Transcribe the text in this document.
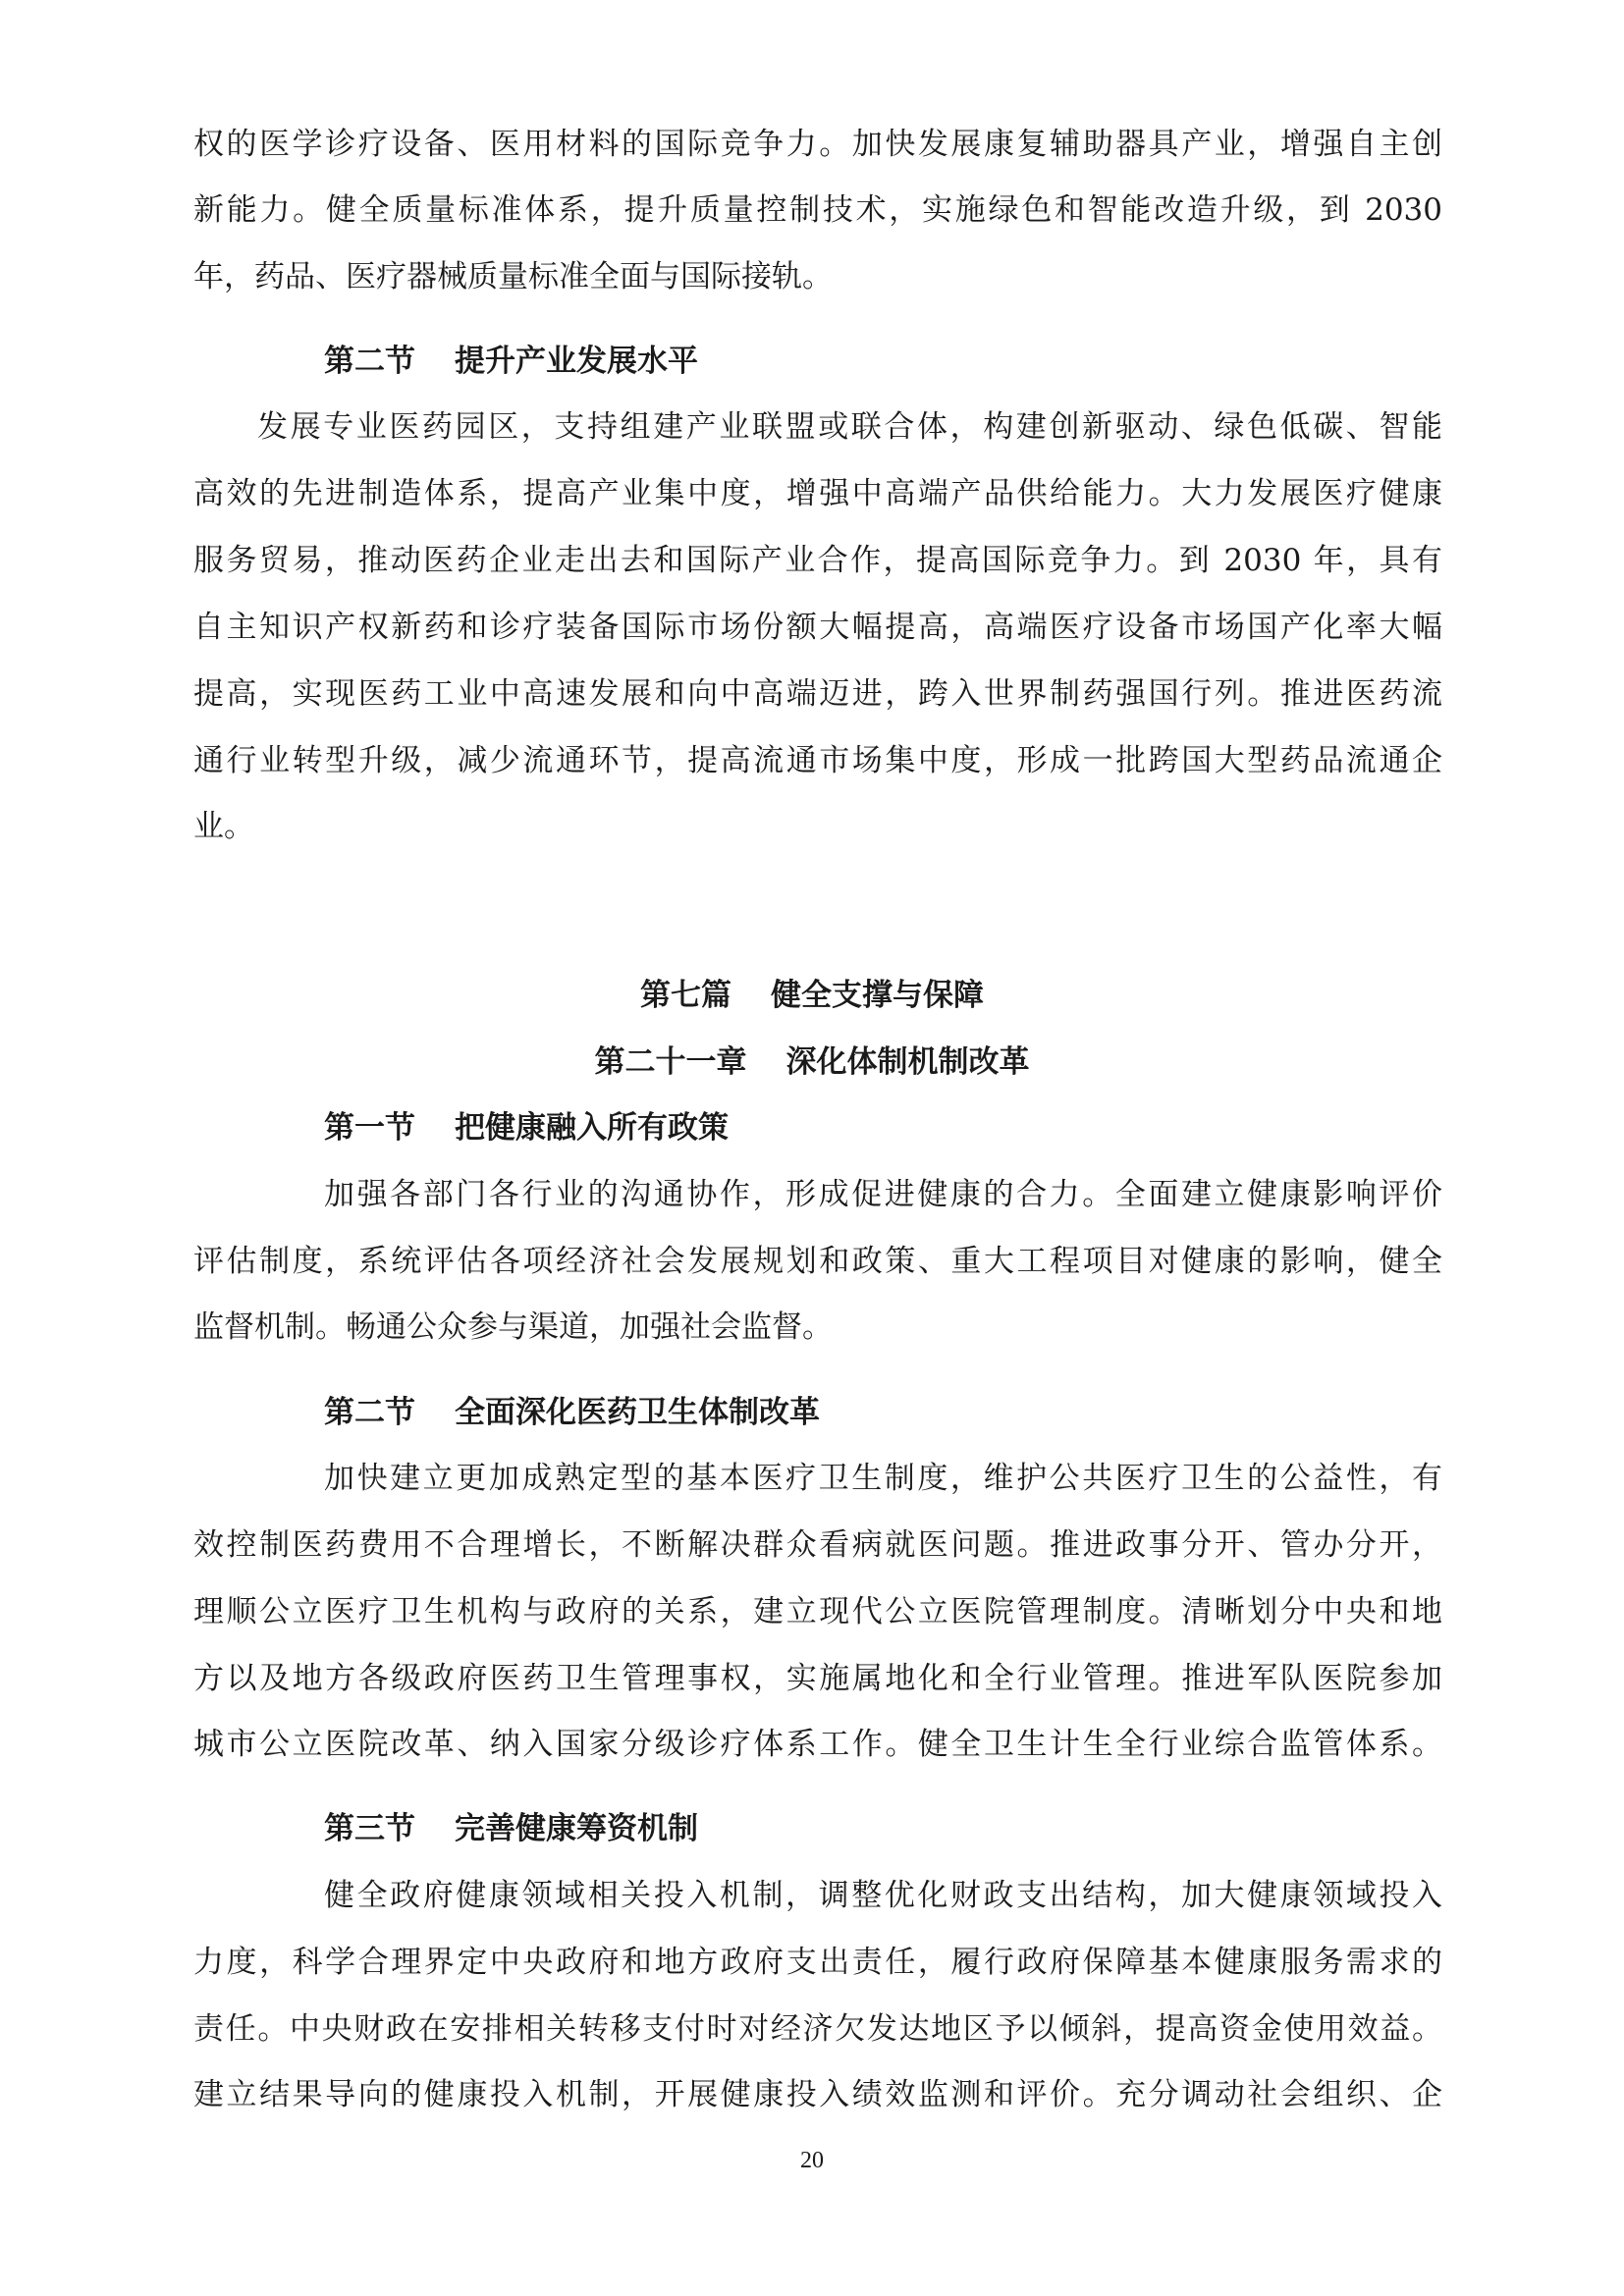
权的医学诊疗设备、医用材料的国际竞争力。加快发展康复辅助器具产业，增强自主创
新能力。健全质量标准体系，提升质量控制技术，实施绿色和智能改造升级，到 2030
年，药品、医疗器械质量标准全面与国际接轨。
第二节 提升产业发展水平
发展专业医药园区，支持组建产业联盟或联合体，构建创新驱动、绿色低碳、智能
高效的先进制造体系，提高产业集中度，增强中高端产品供给能力。大力发展医疗健康
服务贸易，推动医药企业走出去和国际产业合作，提高国际竞争力。到 2030 年，具有
自主知识产权新药和诊疗装备国际市场份额大幅提高，高端医疗设备市场国产化率大幅
提高，实现医药工业中高速发展和向中高端迈进，跨入世界制药强国行列。推进医药流
通行业转型升级，减少流通环节，提高流通市场集中度，形成一批跨国大型药品流通企
业。
第七篇 健全支撑与保障
第二十一章 深化体制机制改革
第一节 把健康融入所有政策
加强各部门各行业的沟通协作，形成促进健康的合力。全面建立健康影响评价
评估制度，系统评估各项经济社会发展规划和政策、重大工程项目对健康的影响，健全
监督机制。畅通公众参与渠道，加强社会监督。
第二节 全面深化医药卫生体制改革
加快建立更加成熟定型的基本医疗卫生制度，维护公共医疗卫生的公益性，有
效控制医药费用不合理增长，不断解决群众看病就医问题。推进政事分开、管办分开，
理顺公立医疗卫生机构与政府的关系，建立现代公立医院管理制度。清晰划分中央和地
方以及地方各级政府医药卫生管理事权，实施属地化和全行业管理。推进军队医院参加
城市公立医院改革、纳入国家分级诊疗体系工作。健全卫生计生全行业综合监管体系。
第三节 完善健康筹资机制
健全政府健康领域相关投入机制，调整优化财政支出结构，加大健康领域投入
力度，科学合理界定中央政府和地方政府支出责任，履行政府保障基本健康服务需求的
责任。中央财政在安排相关转移支付时对经济欠发达地区予以倾斜，提高资金使用效益。
建立结果导向的健康投入机制，开展健康投入绩效监测和评价。充分调动社会组织、企
20
